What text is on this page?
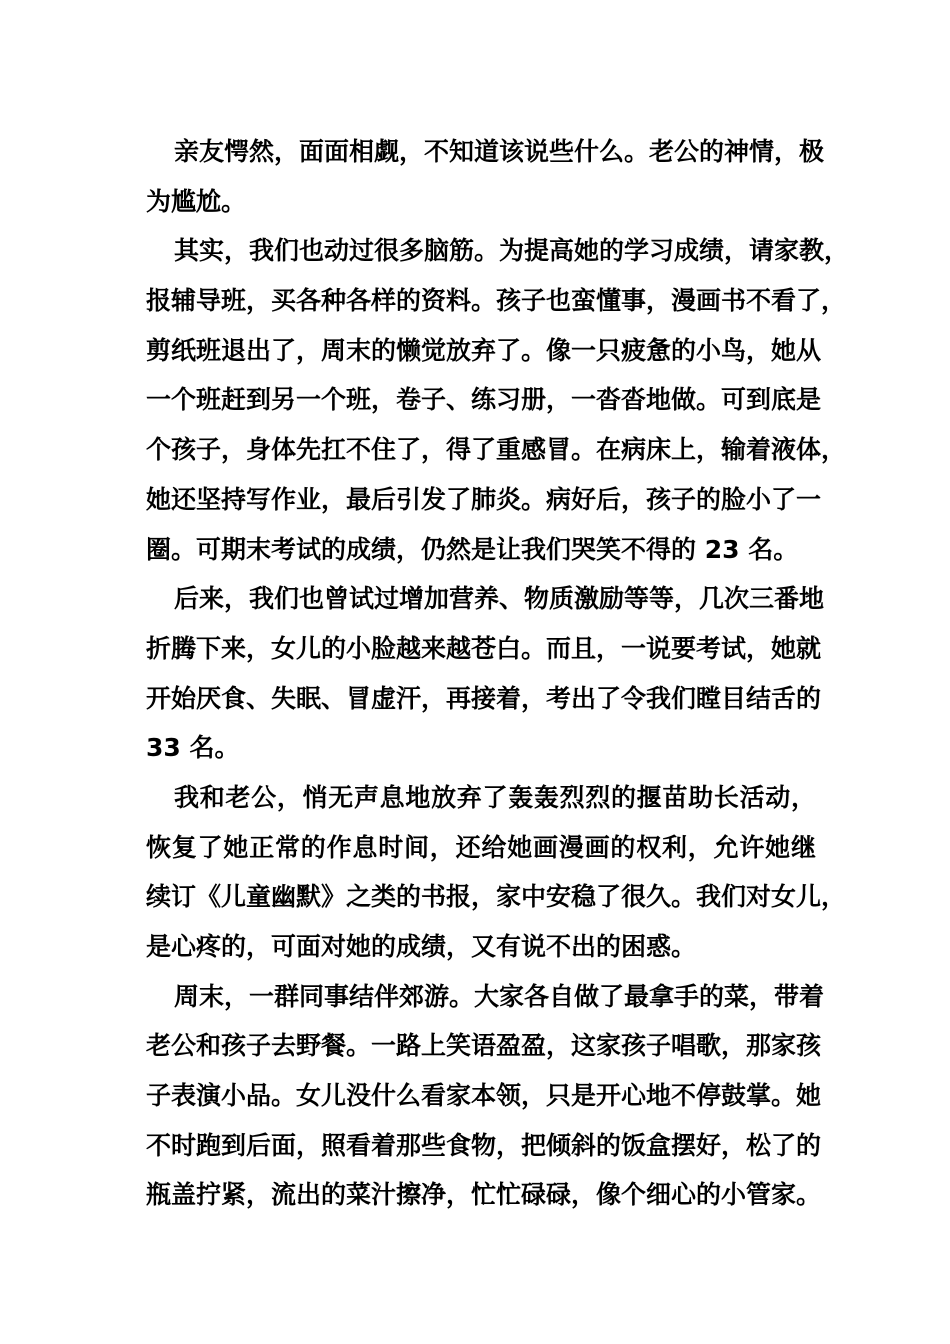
亲友愕然，面面相觑，不知道该说些什么。老公的神情，极
为尴尬。
其实，我们也动过很多脑筋。为提高她的学习成绩，请家教，
报辅导班，买各种各样的资料。孩子也蛮懂事，漫画书不看了，
剪纸班退出了，周末的懒觉放弃了。像一只疲惫的小鸟，她从
一个班赶到另一个班，卷子、练习册，一沓沓地做。可到底是
个孩子，身体先扛不住了，得了重感冒。在病床上，输着液体，
她还坚持写作业，最后引发了肺炎。病好后，孩子的脸小了一
圈。可期末考试的成绩，仍然是让我们哭笑不得的 23 名。
后来，我们也曾试过增加营养、物质激励等等，几次三番地
折腾下来，女儿的小脸越来越苍白。而且，一说要考试，她就
开始厌食、失眠、冒虚汗，再接着，考出了令我们瞠目结舌的
33 名。
我和老公，悄无声息地放弃了轰轰烈烈的揠苗助长活动，
恢复了她正常的作息时间，还给她画漫画的权利，允许她继
续订《儿童幽默》之类的书报，家中安稳了很久。我们对女儿，
是心疼的，可面对她的成绩，又有说不出的困惑。
周末，一群同事结伴郊游。大家各自做了最拿手的菜，带着
老公和孩子去野餐。一路上笑语盈盈，这家孩子唱歌，那家孩
子表演小品。女儿没什么看家本领，只是开心地不停鼓掌。她
不时跑到后面，照看着那些食物，把倾斜的饭盒摆好，松了的
瓶盖拧紧，流出的菜汁擦净，忙忙碌碌，像个细心的小管家。
